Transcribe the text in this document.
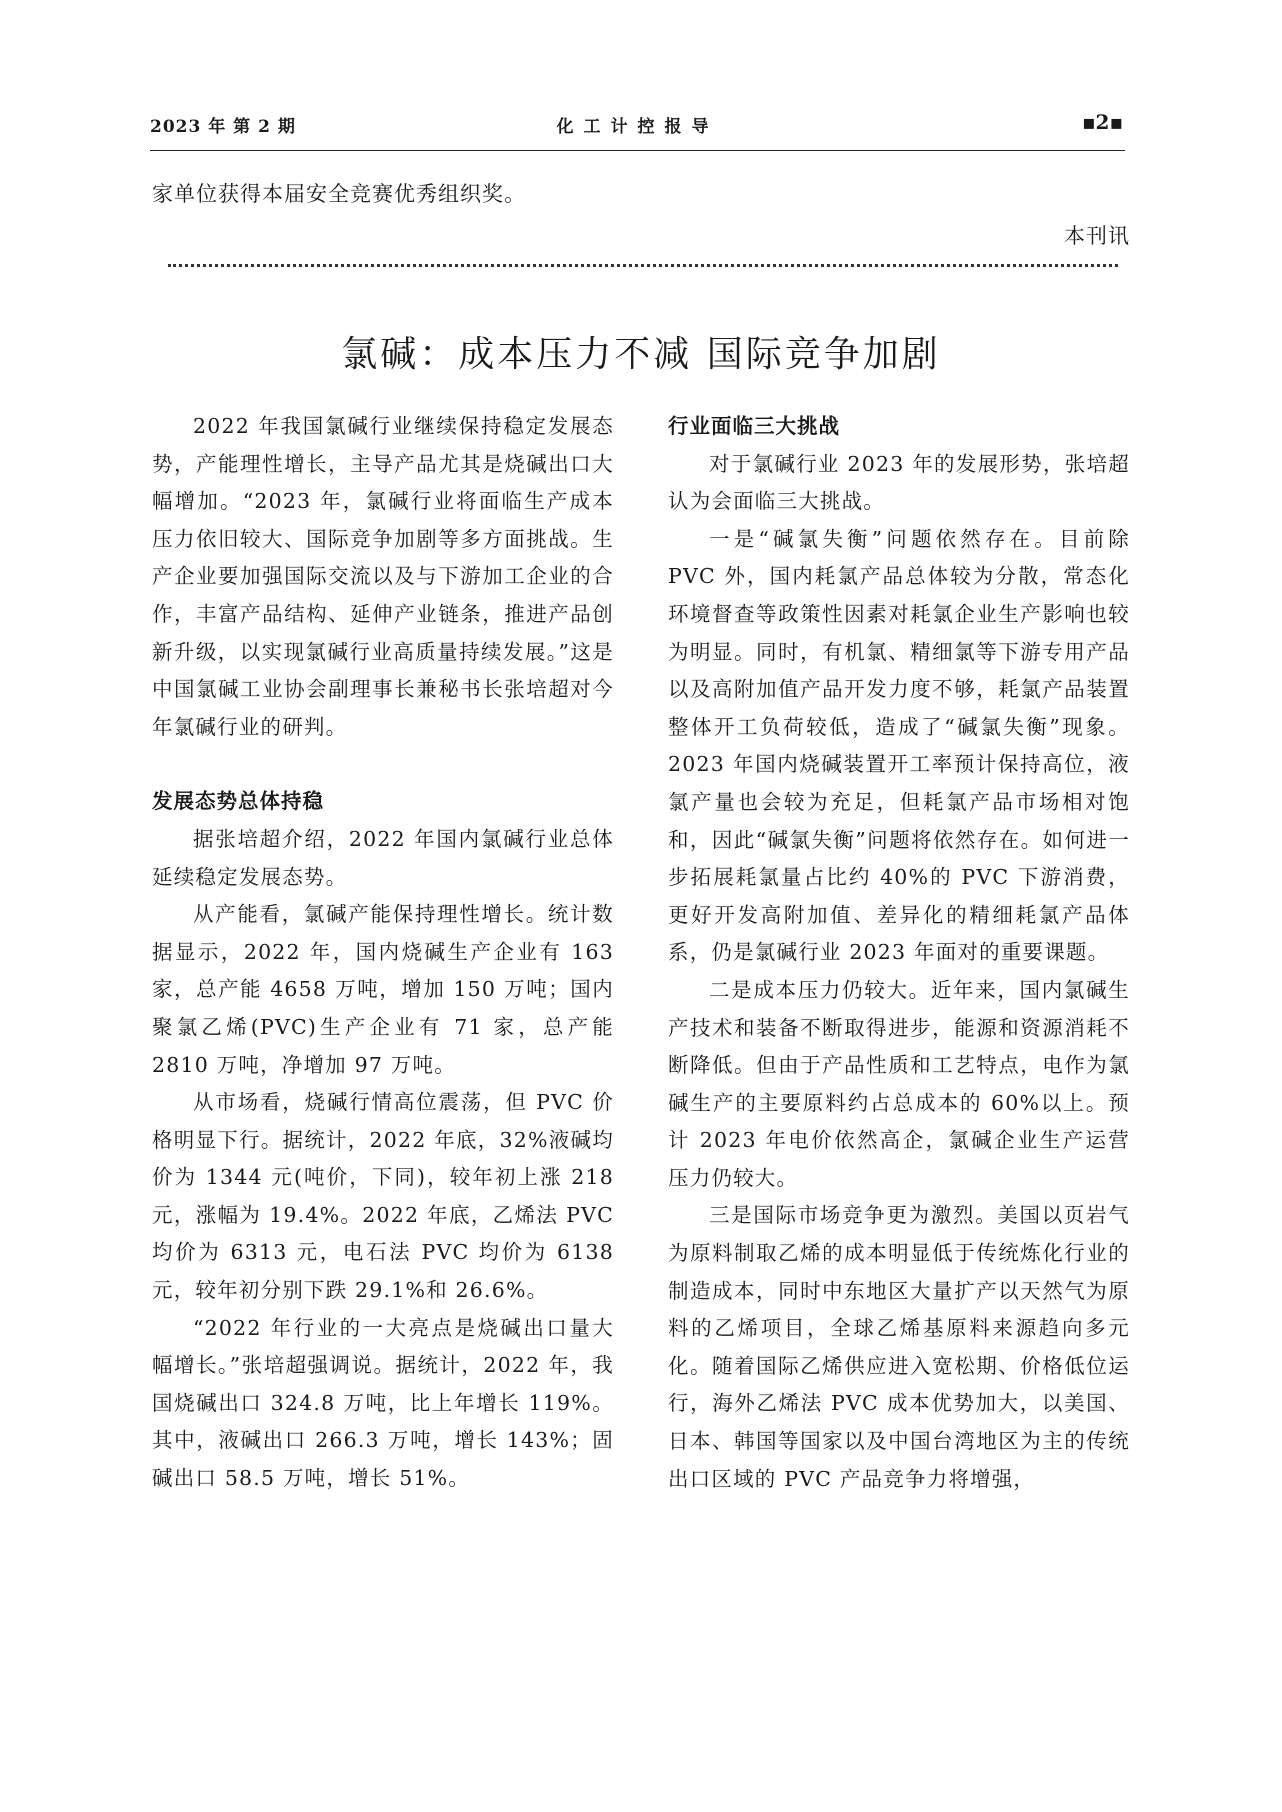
2023 年 第 2 期	化工计控报导	▪2▪
家单位获得本届安全竞赛优秀组织奖。
本刊讯
氯碱：成本压力不减 国际竞争加剧

2022 年我国氯碱行业继续保持稳定发展态势，产能理性增长，主导产品尤其是烧碱出口大幅增加。“2023 年，氯碱行业将面临生产成本压力依旧较大、国际竞争加剧等多方面挑战。生产企业要加强国际交流以及与下游加工企业的合作，丰富产品结构、延伸产业链条，推进产品创新升级，以实现氯碱行业高质量持续发展。”这是中国氯碱工业协会副理事长兼秘书长张培超对今年氯碱行业的研判。

发展态势总体持稳

据张培超介绍，2022 年国内氯碱行业总体延续稳定发展态势。

从产能看，氯碱产能保持理性增长。统计数据显示，2022 年，国内烧碱生产企业有 163 家，总产能 4658 万吨，增加 150 万吨；国内聚氯乙烯(PVC)生产企业有 71 家，总产能 2810 万吨，净增加 97 万吨。

从市场看，烧碱行情高位震荡，但 PVC 价格明显下行。据统计，2022 年底，32%液碱均价为 1344 元(吨价，下同)，较年初上涨 218 元，涨幅为 19.4%。2022 年底，乙烯法 PVC 均价为 6313 元，电石法 PVC 均价为 6138 元，较年初分别下跌 29.1%和 26.6%。

“2022 年行业的一大亮点是烧碱出口量大幅增长。”张培超强调说。据统计，2022 年，我国烧碱出口 324.8 万吨，比上年增长 119%。其中，液碱出口 266.3 万吨，增长 143%；固碱出口 58.5 万吨，增长 51%。

行业面临三大挑战

对于氯碱行业 2023 年的发展形势，张培超认为会面临三大挑战。

一是“碱氯失衡”问题依然存在。目前除 PVC 外，国内耗氯产品总体较为分散，常态化环境督查等政策性因素对耗氯企业生产影响也较为明显。同时，有机氯、精细氯等下游专用产品以及高附加值产品开发力度不够，耗氯产品装置整体开工负荷较低，造成了“碱氯失衡”现象。2023 年国内烧碱装置开工率预计保持高位，液氯产量也会较为充足，但耗氯产品市场相对饱和，因此“碱氯失衡”问题将依然存在。如何进一步拓展耗氯量占比约 40%的 PVC 下游消费，更好开发高附加值、差异化的精细耗氯产品体系，仍是氯碱行业 2023 年面对的重要课题。

二是成本压力仍较大。近年来，国内氯碱生产技术和装备不断取得进步，能源和资源消耗不断降低。但由于产品性质和工艺特点，电作为氯碱生产的主要原料约占总成本的 60%以上。预计 2023 年电价依然高企，氯碱企业生产运营压力仍较大。

三是国际市场竞争更为激烈。美国以页岩气为原料制取乙烯的成本明显低于传统炼化行业的制造成本，同时中东地区大量扩产以天然气为原料的乙烯项目，全球乙烯基原料来源趋向多元化。随着国际乙烯供应进入宽松期、价格低位运行，海外乙烯法 PVC 成本优势加大，以美国、日本、韩国等国家以及中国台湾地区为主的传统出口区域的 PVC 产品竞争力将增强，
